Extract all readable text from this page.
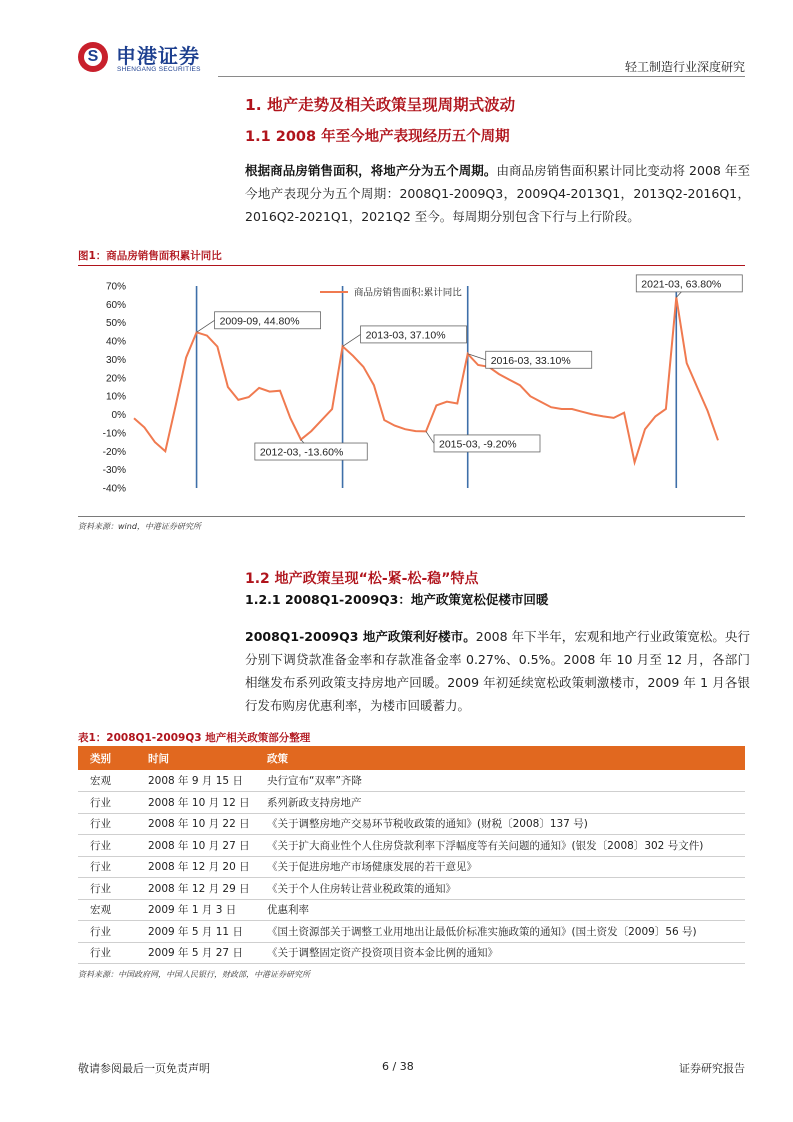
S 申港证券
SHENGANG SECURITIES	轻工制造行业深度研究
1. 地产走势及相关政策呈现周期式波动
1.1 2008 年至今地产表现经历五个周期
根据商品房销售面积，将地产分为五个周期。由商品房销售面积累计同比变动将 2008 年至今地产表现分为五个周期：2008Q1-2009Q3，2009Q4-2013Q1，2013Q2-2016Q1，2016Q2-2021Q1，2021Q2 至今。每周期分别包含下行与上行阶段。
图1：商品房销售面积累计同比
70%
60%
50%
40%
30%
20%
10%
0%
-10%
-20%
-30%
-40%
2009-09, 44.80%
2012-03, -13.60%
2013-03, 37.10%
2015-03, -9.20%
2016-03, 33.10%
2021-03, 63.80%
商品房销售面积:累计同比
资料来源：wind，中港证券研究所
1.2 地产政策呈现“松-紧-松-稳”特点
1.2.1 2008Q1-2009Q3：地产政策宽松促楼市回暖
2008Q1-2009Q3 地产政策利好楼市。2008 年下半年，宏观和地产行业政策宽松。央行分别下调贷款准备金率和存款准备金率 0.27%、0.5%。2008 年 10 月至 12 月，各部门相继发布系列政策支持房地产回暖。2009 年初延续宽松政策刺激楼市，2009 年 1 月各银行发布购房优惠利率，为楼市回暖蓄力。
表1：2008Q1-2009Q3 地产相关政策部分整理
类别	时间	政策
宏观	2008 年 9 月 15 日	央行宣布“双率”齐降
行业	2008 年 10 月 12 日	系列新政支持房地产
行业	2008 年 10 月 22 日	《关于调整房地产交易环节税收政策的通知》(财税〔2008〕137 号)
行业	2008 年 10 月 27 日	《关于扩大商业性个人住房贷款利率下浮幅度等有关问题的通知》(银发〔2008〕302 号文件)
行业	2008 年 12 月 20 日	《关于促进房地产市场健康发展的若干意见》
行业	2008 年 12 月 29 日	《关于个人住房转让营业税政策的通知》
宏观	2009 年 1 月 3 日	优惠利率
行业	2009 年 5 月 11 日	《国土资源部关于调整工业用地出让最低价标准实施政策的通知》(国土资发〔2009〕56 号)
行业	2009 年 5 月 27 日	《关于调整固定资产投资项目资本金比例的通知》
资料来源：中国政府网，中国人民银行，财政部，中港证券研究所
敬请参阅最后一页免责声明	6 / 38	证券研究报告
